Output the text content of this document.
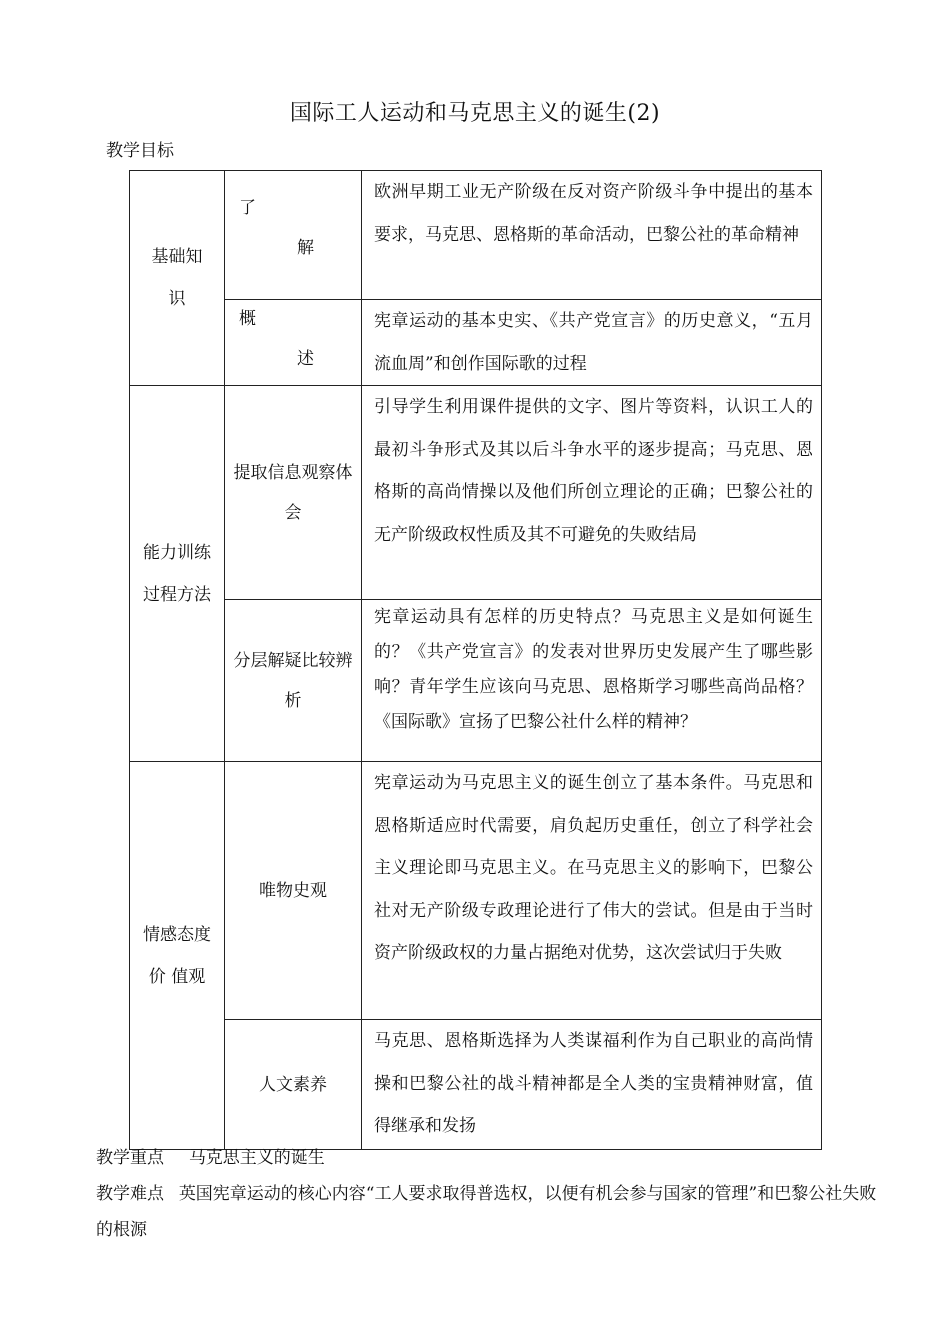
国际工人运动和马克思主义的诞生(2)
教学目标
基础知识	了
解	欧洲早期工业无产阶级在反对资产阶级斗争中提出的基本要求，马克思、恩格斯的革命活动，巴黎公社的革命精神

	概
述	宪章运动的基本史实、《共产党宣言》的历史意义，“五月流血周”和创作国际歌的过程

能力训练过程方法	提取信息观察体会	引导学生利用课件提供的文字、图片等资料，认识工人的最初斗争形式及其以后斗争水平的逐步提高；马克思、恩格斯的高尚情操以及他们所创立理论的正确；巴黎公社的无产阶级政权性质及其不可避免的失败结局

	分层解疑比较辨析	宪章运动具有怎样的历史特点？马克思主义是如何诞生的？《共产党宣言》的发表对世界历史发展产生了哪些影响？青年学生应该向马克思、恩格斯学习哪些高尚品格？《国际歌》宣扬了巴黎公社什么样的精神？

情感态度价 值观	唯物史观	宪章运动为马克思主义的诞生创立了基本条件。马克思和恩格斯适应时代需要，肩负起历史重任，创立了科学社会主义理论即马克思主义。在马克思主义的影响下，巴黎公社对无产阶级专政理论进行了伟大的尝试。但是由于当时资产阶级政权的力量占据绝对优势，这次尝试归于失败

	人文素养	马克思、恩格斯选择为人类谋福利作为自己职业的高尚情操和巴黎公社的战斗精神都是全人类的宝贵精神财富，值得继承和发扬
教学重点 马克思主义的诞生
教学难点 英国宪章运动的核心内容“工人要求取得普选权，以便有机会参与国家的管理”和巴黎公社失败的根源
